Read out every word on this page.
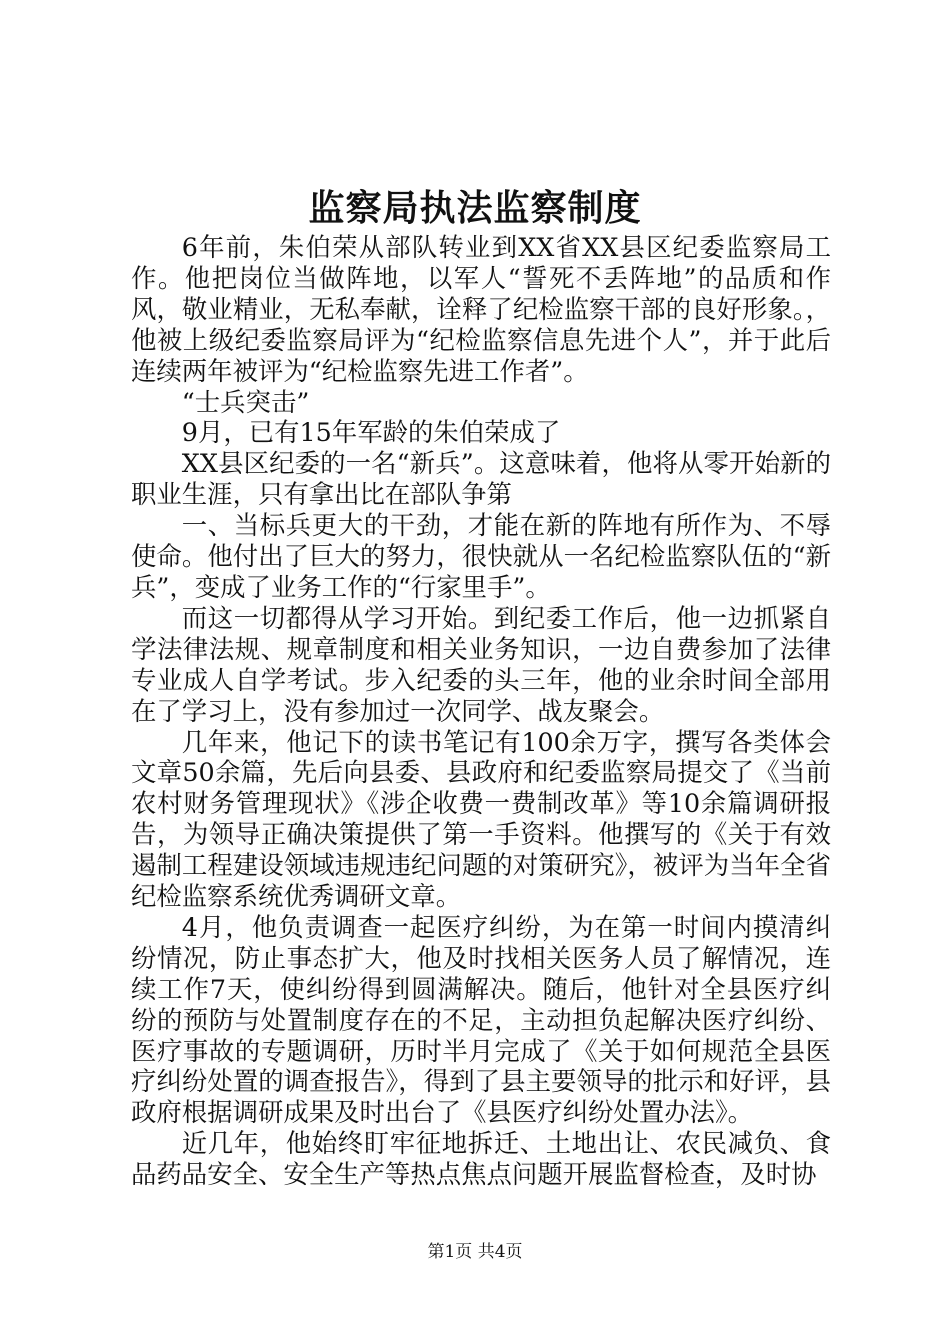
监察局执法监察制度

6年前，朱伯荣从部队转业到XX省XX县区纪委监察局工作。他把岗位当做阵地，以军人“誓死不丢阵地”的品质和作风，敬业精业，无私奉献，诠释了纪检监察干部的良好形象。，他被上级纪委监察局评为“纪检监察信息先进个人”，并于此后连续两年被评为“纪检监察先进工作者”。

“士兵突击”

9月，已有15年军龄的朱伯荣成了

XX县区纪委的一名“新兵”。这意味着，他将从零开始新的职业生涯，只有拿出比在部队争第

一、当标兵更大的干劲，才能在新的阵地有所作为、不辱使命。他付出了巨大的努力，很快就从一名纪检监察队伍的“新兵”，变成了业务工作的“行家里手”。

而这一切都得从学习开始。到纪委工作后，他一边抓紧自学法律法规、规章制度和相关业务知识，一边自费参加了法律专业成人自学考试。步入纪委的头三年，他的业余时间全部用在了学习上，没有参加过一次同学、战友聚会。

几年来，他记下的读书笔记有100余万字，撰写各类体会文章50余篇，先后向县委、县政府和纪委监察局提交了《当前农村财务管理现状》《涉企收费一费制改革》等10余篇调研报告，为领导正确决策提供了第一手资料。他撰写的《关于有效遏制工程建设领域违规违纪问题的对策研究》，被评为当年全省纪检监察系统优秀调研文章。

4月，他负责调查一起医疗纠纷，为在第一时间内摸清纠纷情况，防止事态扩大，他及时找相关医务人员了解情况，连续工作7天，使纠纷得到圆满解决。随后，他针对全县医疗纠纷的预防与处置制度存在的不足，主动担负起解决医疗纠纷、医疗事故的专题调研，历时半月完成了《关于如何规范全县医疗纠纷处置的调查报告》，得到了县主要领导的批示和好评，县政府根据调研成果及时出台了《县医疗纠纷处置办法》。

近几年，他始终盯牢征地拆迁、土地出让、农民减负、食品药品安全、安全生产等热点焦点问题开展监督检查，及时协

第1页 共4页
